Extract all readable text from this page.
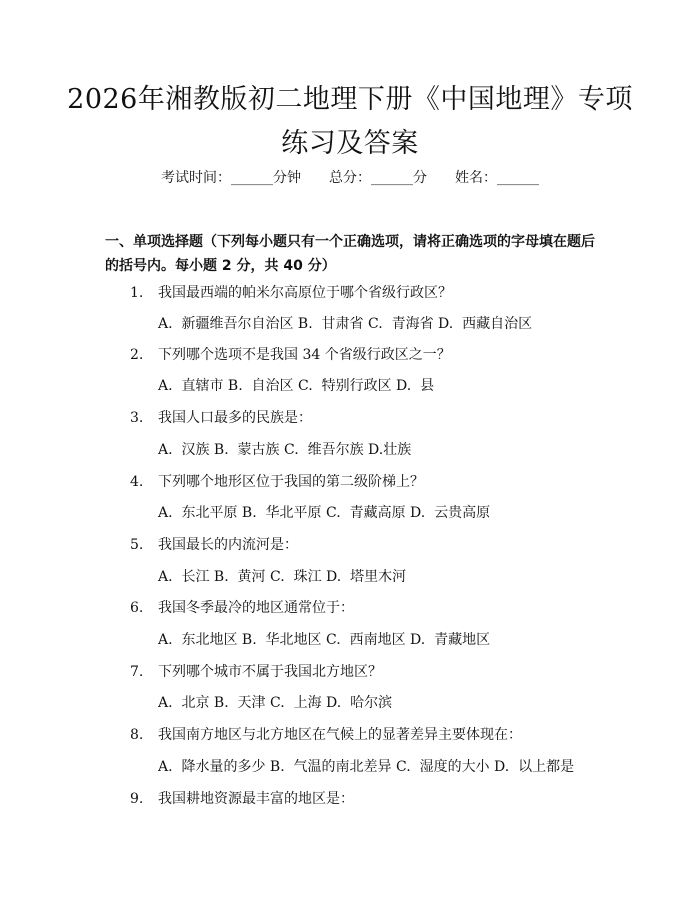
2026年湘教版初二地理下册《中国地理》专项练习及答案
考试时间：______分钟　　总分：______分　　姓名：______
一、单项选择题（下列每小题只有一个正确选项，请将正确选项的字母填在题后的括号内。每小题 2 分，共 40 分）
1. 我国最西端的帕米尔高原位于哪个省级行政区？
A.  新疆维吾尔自治区 B.  甘肃省 C.  青海省 D.  西藏自治区
2. 下列哪个选项不是我国 34 个省级行政区之一？
A.  直辖市 B.  自治区 C.  特别行政区 D.  县
3. 我国人口最多的民族是：
A.  汉族 B.  蒙古族 C.  维吾尔族 D.壮族
4. 下列哪个地形区位于我国的第二级阶梯上？
A.  东北平原 B.  华北平原 C.  青藏高原 D.  云贵高原
5. 我国最长的内流河是：
A.  长江 B.  黄河 C.  珠江 D.  塔里木河
6. 我国冬季最冷的地区通常位于：
A.  东北地区 B.  华北地区 C.  西南地区 D.  青藏地区
7. 下列哪个城市不属于我国北方地区？
A.  北京 B.  天津 C.  上海 D.  哈尔滨
8. 我国南方地区与北方地区在气候上的显著差异主要体现在：
A.  降水量的多少 B.  气温的南北差异 C.  湿度的大小 D.  以上都是
9. 我国耕地资源最丰富的地区是：
